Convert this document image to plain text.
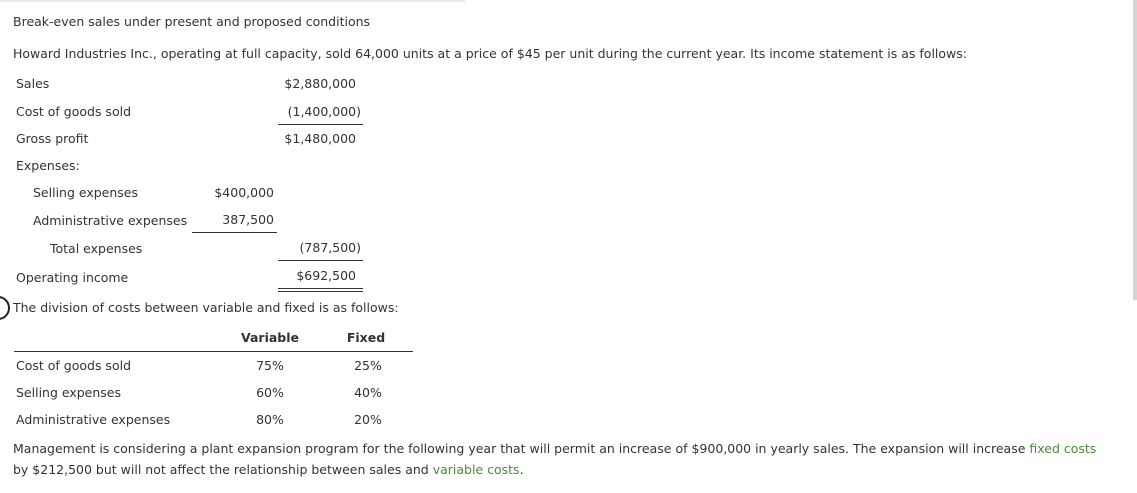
Break-even sales under present and proposed conditions
Howard Industries Inc., operating at full capacity, sold 64,000 units at a price of $45 per unit during the current year. Its income statement is as follows:
Sales	$2,880,000
Cost of goods sold	(1,400,000)
Gross profit	$1,480,000
Expenses:
Selling expenses	$400,000
Administrative expenses	387,500
Total expenses	(787,500)
Operating income	$692,500
The division of costs between variable and fixed is as follows:
Variable	Fixed
Cost of goods sold	75%	25%
Selling expenses	60%	40%
Administrative expenses	80%	20%

Management is considering a plant expansion program for the following year that will permit an increase of $900,000 in yearly sales. The expansion will increase fixed costs by $212,500 but will not affect the relationship between sales and variable costs.
